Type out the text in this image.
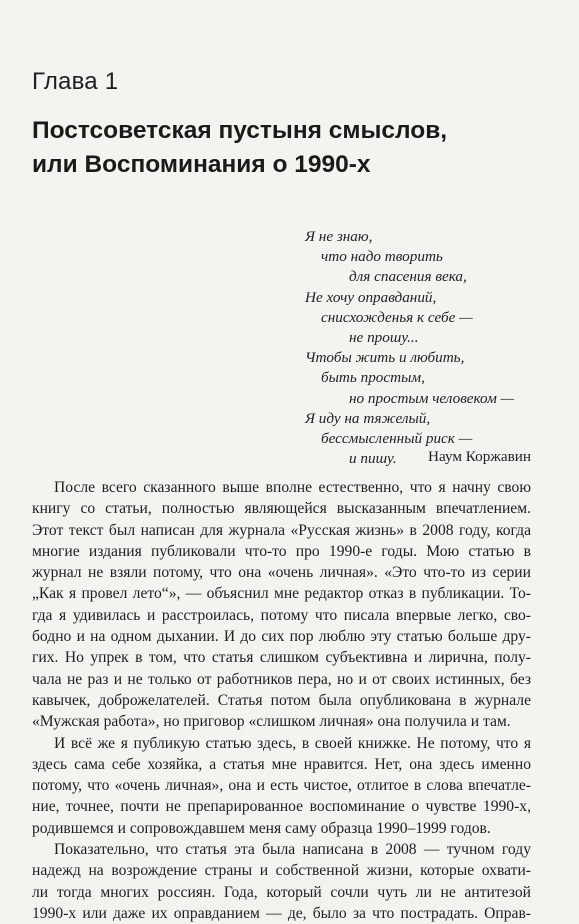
Глава 1
Постсоветская пустыня смыслов,
или Воспоминания о 1990-х
Я не знаю,
что надо творить
для спасения века,
Не хочу оправданий,
снисхожденья к себе —
не прошу...
Чтобы жить и любить,
быть простым,
но простым человеком —
Я иду на тяжелый,
бессмысленный риск —
и пишу.	Наум Коржавин
После всего сказанного выше вполне естественно, что я начну свою
книгу со статьи, полностью являющейся высказанным впечатлением.
Этот текст был написан для журнала «Русская жизнь» в 2008 году, когда
многие издания публиковали что-то про 1990-е годы. Мою статью в
журнал не взяли потому, что она «очень личная». «Это что-то из серии
„Как я провел лето“», — объяснил мне редактор отказ в публикации. То-
гда я удивилась и расстроилась, потому что писала впервые легко, сво-
бодно и на одном дыхании. И до сих пор люблю эту статью больше дру-
гих. Но упрек в том, что статья слишком субъективна и лирична, полу-
чала не раз и не только от работников пера, но и от своих истинных, без
кавычек, доброжелателей. Статья потом была опубликована в журнале
«Мужская работа», но приговор «слишком личная» она получила и там.
И всё же я публикую статью здесь, в своей книжке. Не потому, что я
здесь сама себе хозяйка, а статья мне нравится. Нет, она здесь именно
потому, что «очень личная», она и есть чистое, отлитое в слова впечатле-
ние, точнее, почти не препарированное воспоминание о чувстве 1990-х,
родившемся и сопровождавшем меня саму образца 1990–1999 годов.
Показательно, что статья эта была написана в 2008 — тучном году
надежд на возрождение страны и собственной жизни, которые охвати-
ли тогда многих россиян. Года, который сочли чуть ли не антитезой
1990-х или даже их оправданием — де, было за что пострадать. Оправ-
